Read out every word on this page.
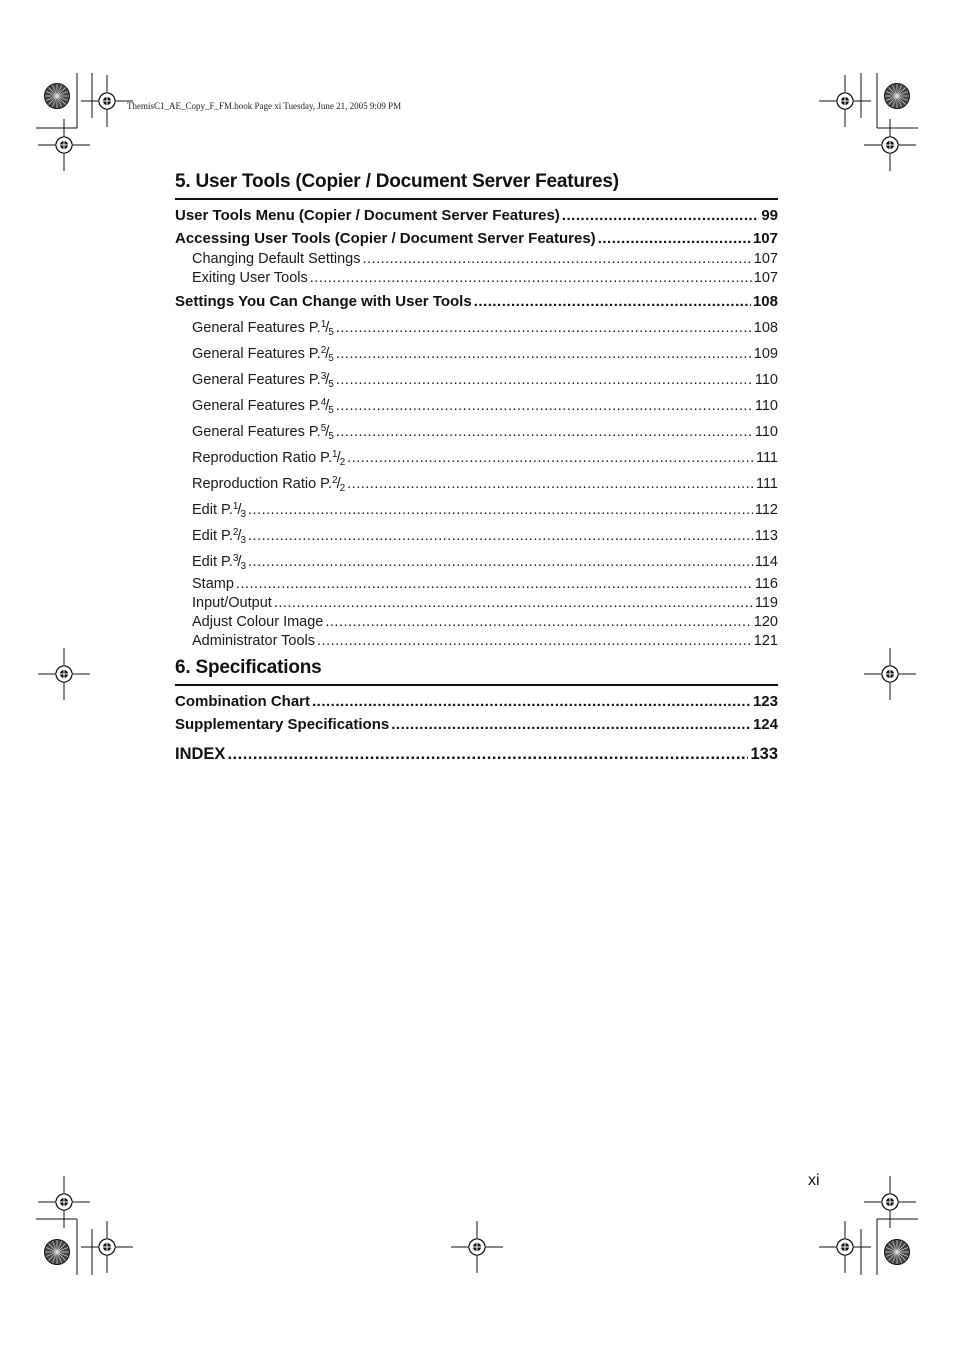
ThemisC1_AE_Copy_F_FM.book Page xi Tuesday, June 21, 2005 9:09 PM
5. User Tools (Copier / Document Server Features)
User Tools Menu (Copier / Document Server Features) .....	99
Accessing User Tools (Copier / Document Server Features) .....	107
Changing Default Settings .....	107
Exiting User Tools .....	107
Settings You Can Change with User Tools .....	108
General Features $P.^1/_5$ .....	108
General Features $P.^2/_5$ .....	109
General Features $P.^3/_5$ .....	110
General Features $P.^4/_5$ .....	110
General Features $P.^5/_5$ .....	110
Reproduction Ratio $P.^1/_2$ .....	111
Reproduction Ratio $P.^2/_2$ .....	111
Edit $P.^1/_3$ .....	112
Edit $P.^2/_3$ .....	113
Edit $P.^3/_3$ .....	114
Stamp .....	116
Input/Output .....	119
Adjust Colour Image .....	120
Administrator Tools .....	121
6. Specifications
Combination Chart .....	123
Supplementary Specifications .....	124
INDEX .....	133
xi
